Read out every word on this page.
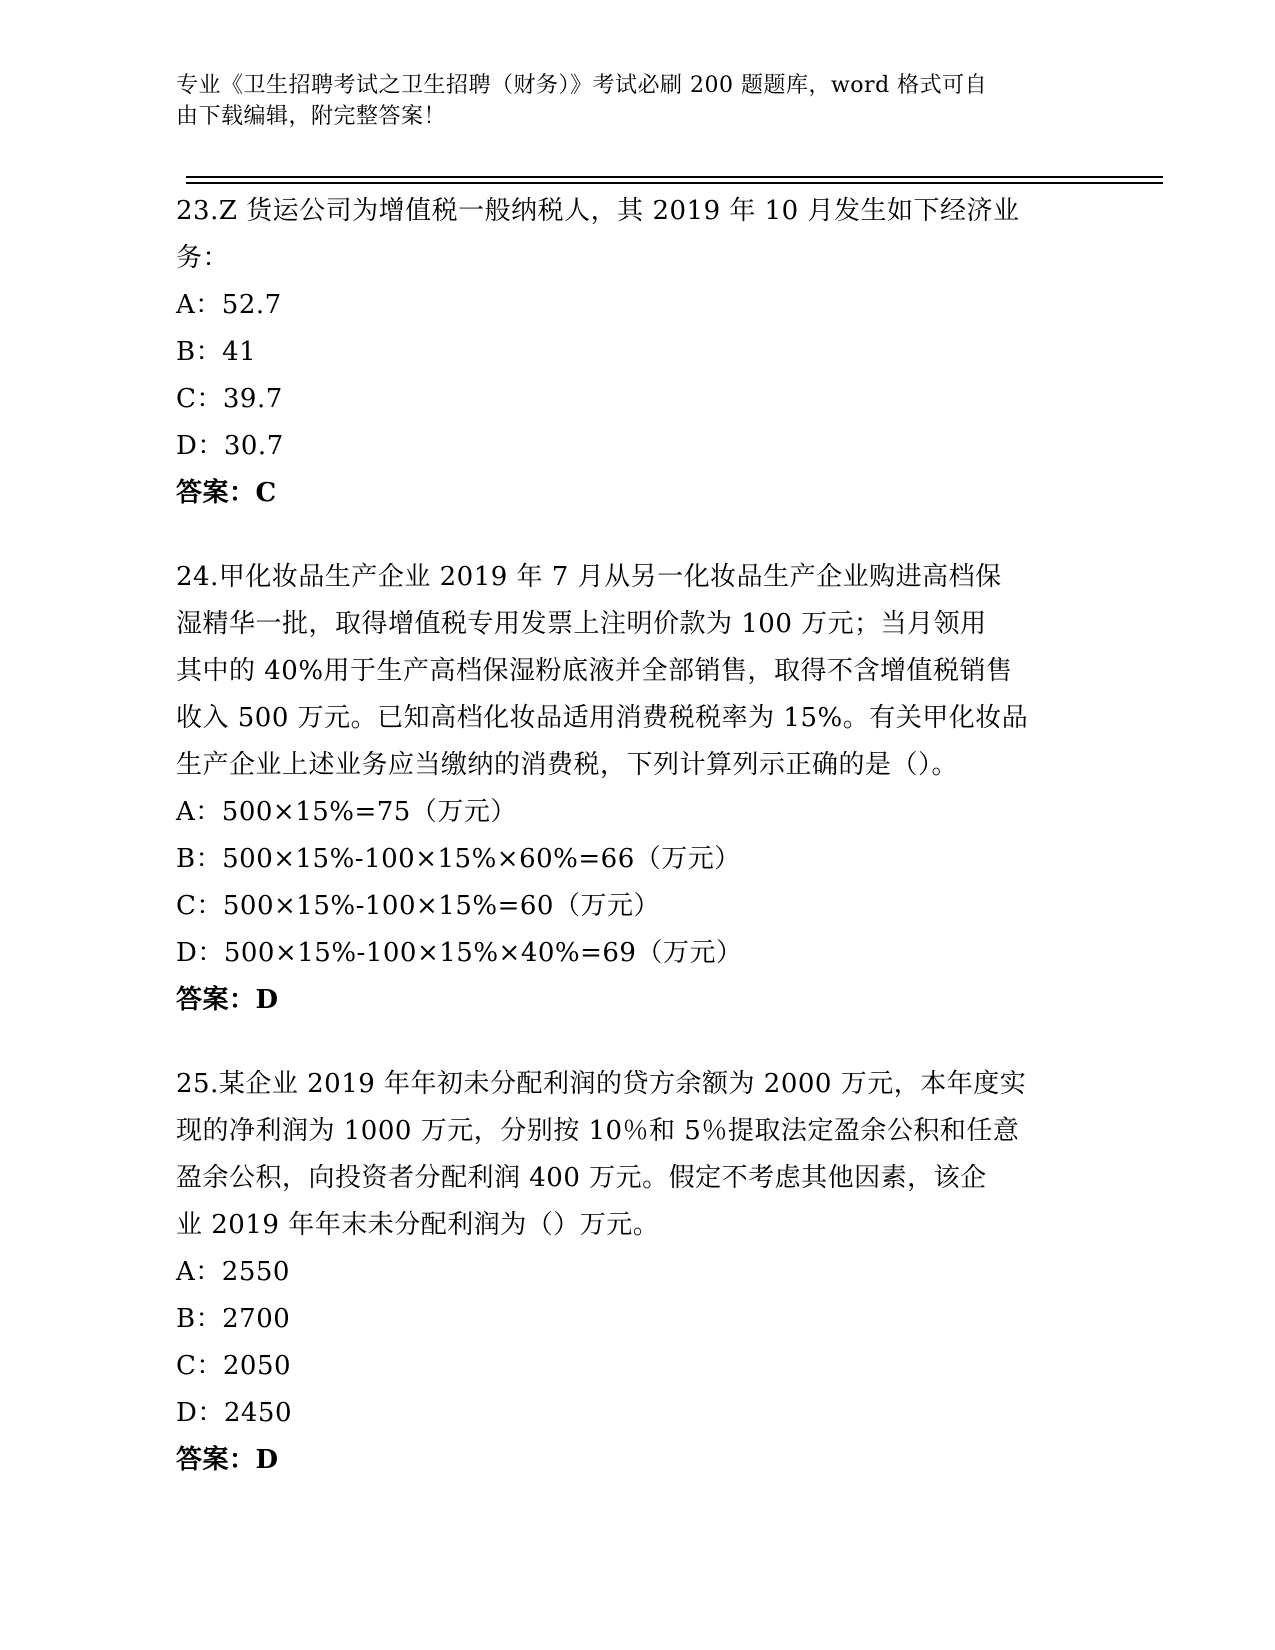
专业《卫生招聘考试之卫生招聘（财务）》考试必刷 200 题题库，word 格式可自
由下载编辑，附完整答案！
23.Z 货运公司为增值税一般纳税人，其 2019 年 10 月发生如下经济业
务：
A：52.7
B：41
C：39.7
D：30.7
答案：C
24.甲化妆品生产企业 2019 年 7 月从另一化妆品生产企业购进高档保
湿精华一批，取得增值税专用发票上注明价款为 100 万元；当月领用
其中的 40%用于生产高档保湿粉底液并全部销售，取得不含增值税销售
收入 500 万元。已知高档化妆品适用消费税税率为 15%。有关甲化妆品
生产企业上述业务应当缴纳的消费税，下列计算列示正确的是（）。
A：500×15%=75（万元）
B：500×15%-100×15%×60%=66（万元）
C：500×15%-100×15%=60（万元）
D：500×15%-100×15%×40%=69（万元）
答案：D
25.某企业 2019 年年初未分配利润的贷方余额为 2000 万元，本年度实
现的净利润为 1000 万元，分别按 10％和 5％提取法定盈余公积和任意
盈余公积，向投资者分配利润 400 万元。假定不考虑其他因素，该企
业 2019 年年末未分配利润为（）万元。
A：2550
B：2700
C：2050
D：2450
答案：D
